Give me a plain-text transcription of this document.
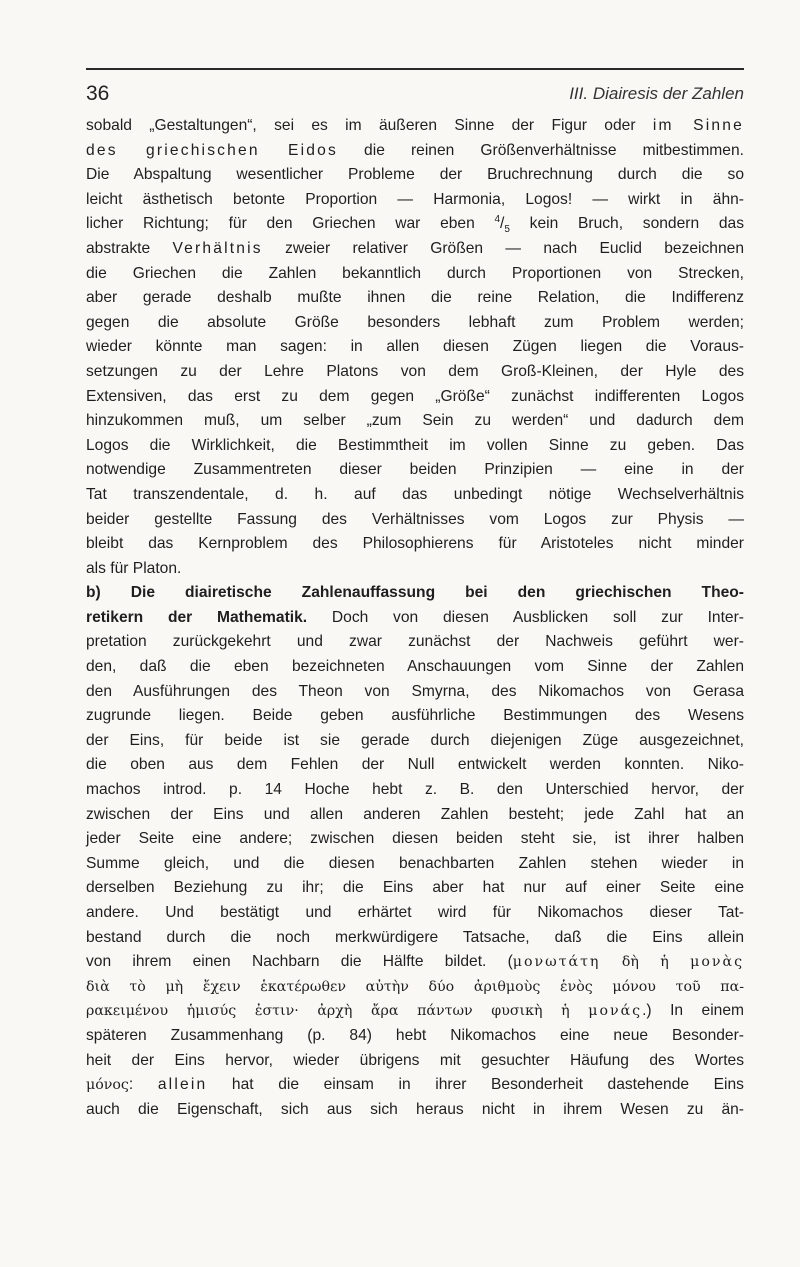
36	III. Diairesis der Zahlen

sobald „Gestaltungen“, sei es im äußeren Sinne der Figur oder im Sinne
des griechischen Eidos die reinen Größenverhältnisse mitbestimmen.
Die Abspaltung wesentlicher Probleme der Bruchrechnung durch die so
leicht ästhetisch betonte Proportion — Harmonia, Logos! — wirkt in ähn-
licher Richtung; für den Griechen war eben $^4/_5$ kein Bruch, sondern das
abstrakte Verhältnis zweier relativer Größen — nach Euclid bezeichnen
die Griechen die Zahlen bekanntlich durch Proportionen von Strecken,
aber gerade deshalb mußte ihnen die reine Relation, die Indifferenz
gegen die absolute Größe besonders lebhaft zum Problem werden;
wieder könnte man sagen: in allen diesen Zügen liegen die Voraus-
setzungen zu der Lehre Platons von dem Groß-Kleinen, der Hyle des
Extensiven, das erst zu dem gegen „Größe“ zunächst indifferenten Logos
hinzukommen muß, um selber „zum Sein zu werden“ und dadurch dem
Logos die Wirklichkeit, die Bestimmtheit im vollen Sinne zu geben. Das
notwendige Zusammentreten dieser beiden Prinzipien — eine in der
Tat transzendentale, d. h. auf das unbedingt nötige Wechselverhältnis
beider gestellte Fassung des Verhältnisses vom Logos zur Physis —
bleibt das Kernproblem des Philosophierens für Aristoteles nicht minder
als für Platon.

b) Die diairetische Zahlenauffassung bei den griechischen Theo-
retikern der Mathematik. Doch von diesen Ausblicken soll zur Inter-
pretation zurückgekehrt und zwar zunächst der Nachweis geführt wer-
den, daß die eben bezeichneten Anschauungen vom Sinne der Zahlen
den Ausführungen des Theon von Smyrna, des Nikomachos von Gerasa
zugrunde liegen. Beide geben ausführliche Bestimmungen des Wesens
der Eins, für beide ist sie gerade durch diejenigen Züge ausgezeichnet,
die oben aus dem Fehlen der Null entwickelt werden konnten. Niko-
machos introd. p. 14 Hoche hebt z. B. den Unterschied hervor, der
zwischen der Eins und allen anderen Zahlen besteht; jede Zahl hat an
jeder Seite eine andere; zwischen diesen beiden steht sie, ist ihrer halben
Summe gleich, und die diesen benachbarten Zahlen stehen wieder in
derselben Beziehung zu ihr; die Eins aber hat nur auf einer Seite eine
andere. Und bestätigt und erhärtet wird für Nikomachos dieser Tat-
bestand durch die noch merkwürdigere Tatsache, daß die Eins allein
von ihrem einen Nachbarn die Hälfte bildet. (μονωτάτη δὴ ἡ μονὰς
διὰ τὸ μὴ ἔχειν ἑκατέρωθεν αὐτὴν δύο ἀριθμοὺς ἑνὸς μόνου τοῦ πα-
ρακειμένου ἡμισύς ἐστιν· ἀρχὴ ἄρα πάντων φυσικὴ ἡ μονάς.) In einem
späteren Zusammenhang (p. 84) hebt Nikomachos eine neue Besonder-
heit der Eins hervor, wieder übrigens mit gesuchter Häufung des Wortes
μόνος: allein hat die einsam in ihrer Besonderheit dastehende Eins
auch die Eigenschaft, sich aus sich heraus nicht in ihrem Wesen zu än-
